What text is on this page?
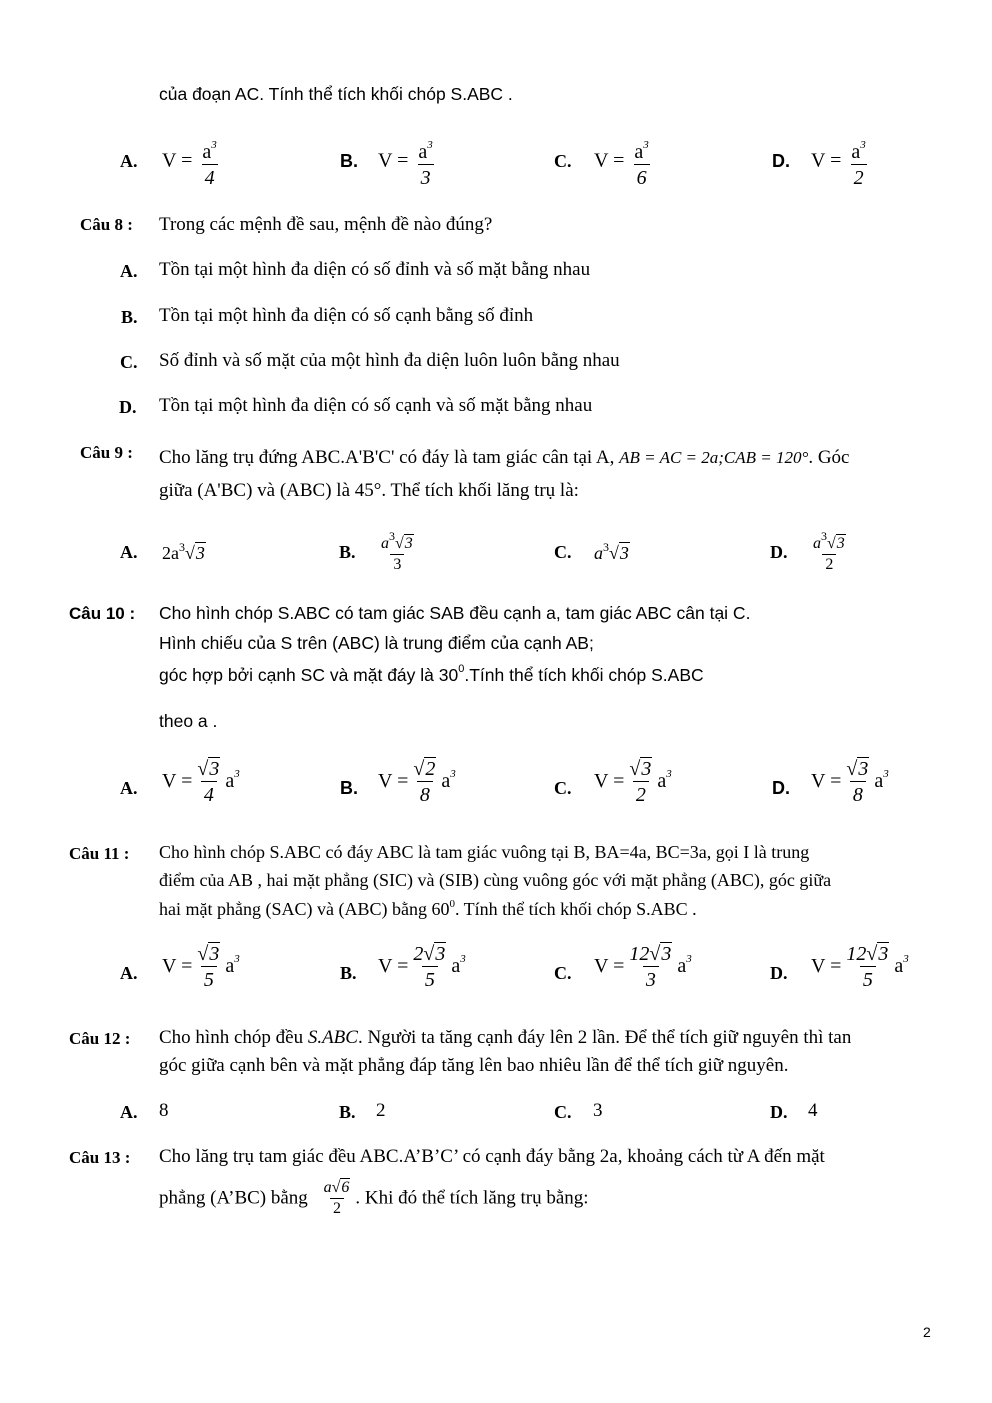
của đoạn AC. Tính thể tích khối chóp S.ABC .
A. $V = \frac{a^3}{4}$	B. $V = \frac{a^3}{3}$	C. $V = \frac{a^3}{6}$	D. $V = \frac{a^3}{2}$
Câu 8 : Trong các mệnh đề sau, mệnh đề nào đúng?
A. Tồn tại một hình đa diện có số đỉnh và số mặt bằng nhau
B. Tồn tại một hình đa diện có số cạnh bằng số đỉnh
C. Số đỉnh và số mặt của một hình đa diện luôn luôn bằng nhau
D. Tồn tại một hình đa diện có số cạnh và số mặt bằng nhau
Câu 9 : Cho lăng trụ đứng ABC.A'B'C' có đáy là tam giác cân tại A, AB = AC = 2a;CAB = 120°. Góc
giữa (A'BC) và (ABC) là 45°. Thể tích khối lăng trụ là:
A. $2a^3√3$	B. $\frac{a^3√3}{3}$	C. $a^3√3$	D. $\frac{a^3√3}{2}$
Câu 10 : Cho hình chóp S.ABC có tam giác SAB đều cạnh a, tam giác ABC cân tại C.
Hình chiếu của S trên (ABC) là trung điểm của cạnh AB;
góc hợp bởi cạnh SC và mặt đáy là $30^0.Tính$ thể tích khối chóp S.ABC
theo a .
A. $V = \frac{√3}{4} a^3$
B. $V = \frac{√2}{8} a^3$
C. $V = \frac{√3}{2} a^3$
D. $V = \frac{√3}{8} a^3$
Câu 11 : Cho hình chóp S.ABC có đáy ABC là tam giác vuông tại B, BA=4a, BC=3a, gọi I là trung
điểm của AB , hai mặt phẳng (SIC) và (SIB) cùng vuông góc với mặt phẳng (ABC), góc giữa
hai mặt phẳng (SAC) và (ABC) bằng $60^0$. Tính thể tích khối chóp S.ABC .
A. $V = \frac{√3}{5} a^3$
B. $V = \frac{2√3}{5} a^3$
C. $V = \frac{12√3}{3} a^3$
D. $V = \frac{12√3}{5} a^3$
Câu 12 : Cho hình chóp đều S.ABC. Người ta tăng cạnh đáy lên 2 lần. Để thể tích giữ nguyên thì tan
góc giữa cạnh bên và mặt phẳng đáp tăng lên bao nhiêu lần để thể tích giữ nguyên.
A. 8	B. 2	C. 3	D. 4
Câu 13 : Cho lăng trụ tam giác đều ABC.A’B’C’ có cạnh đáy bằng 2a, khoảng cách từ A đến mặt
phẳng (A’BC) bằng $\frac{a√6}{2}$ . Khi đó thể tích lăng trụ bằng:
2
